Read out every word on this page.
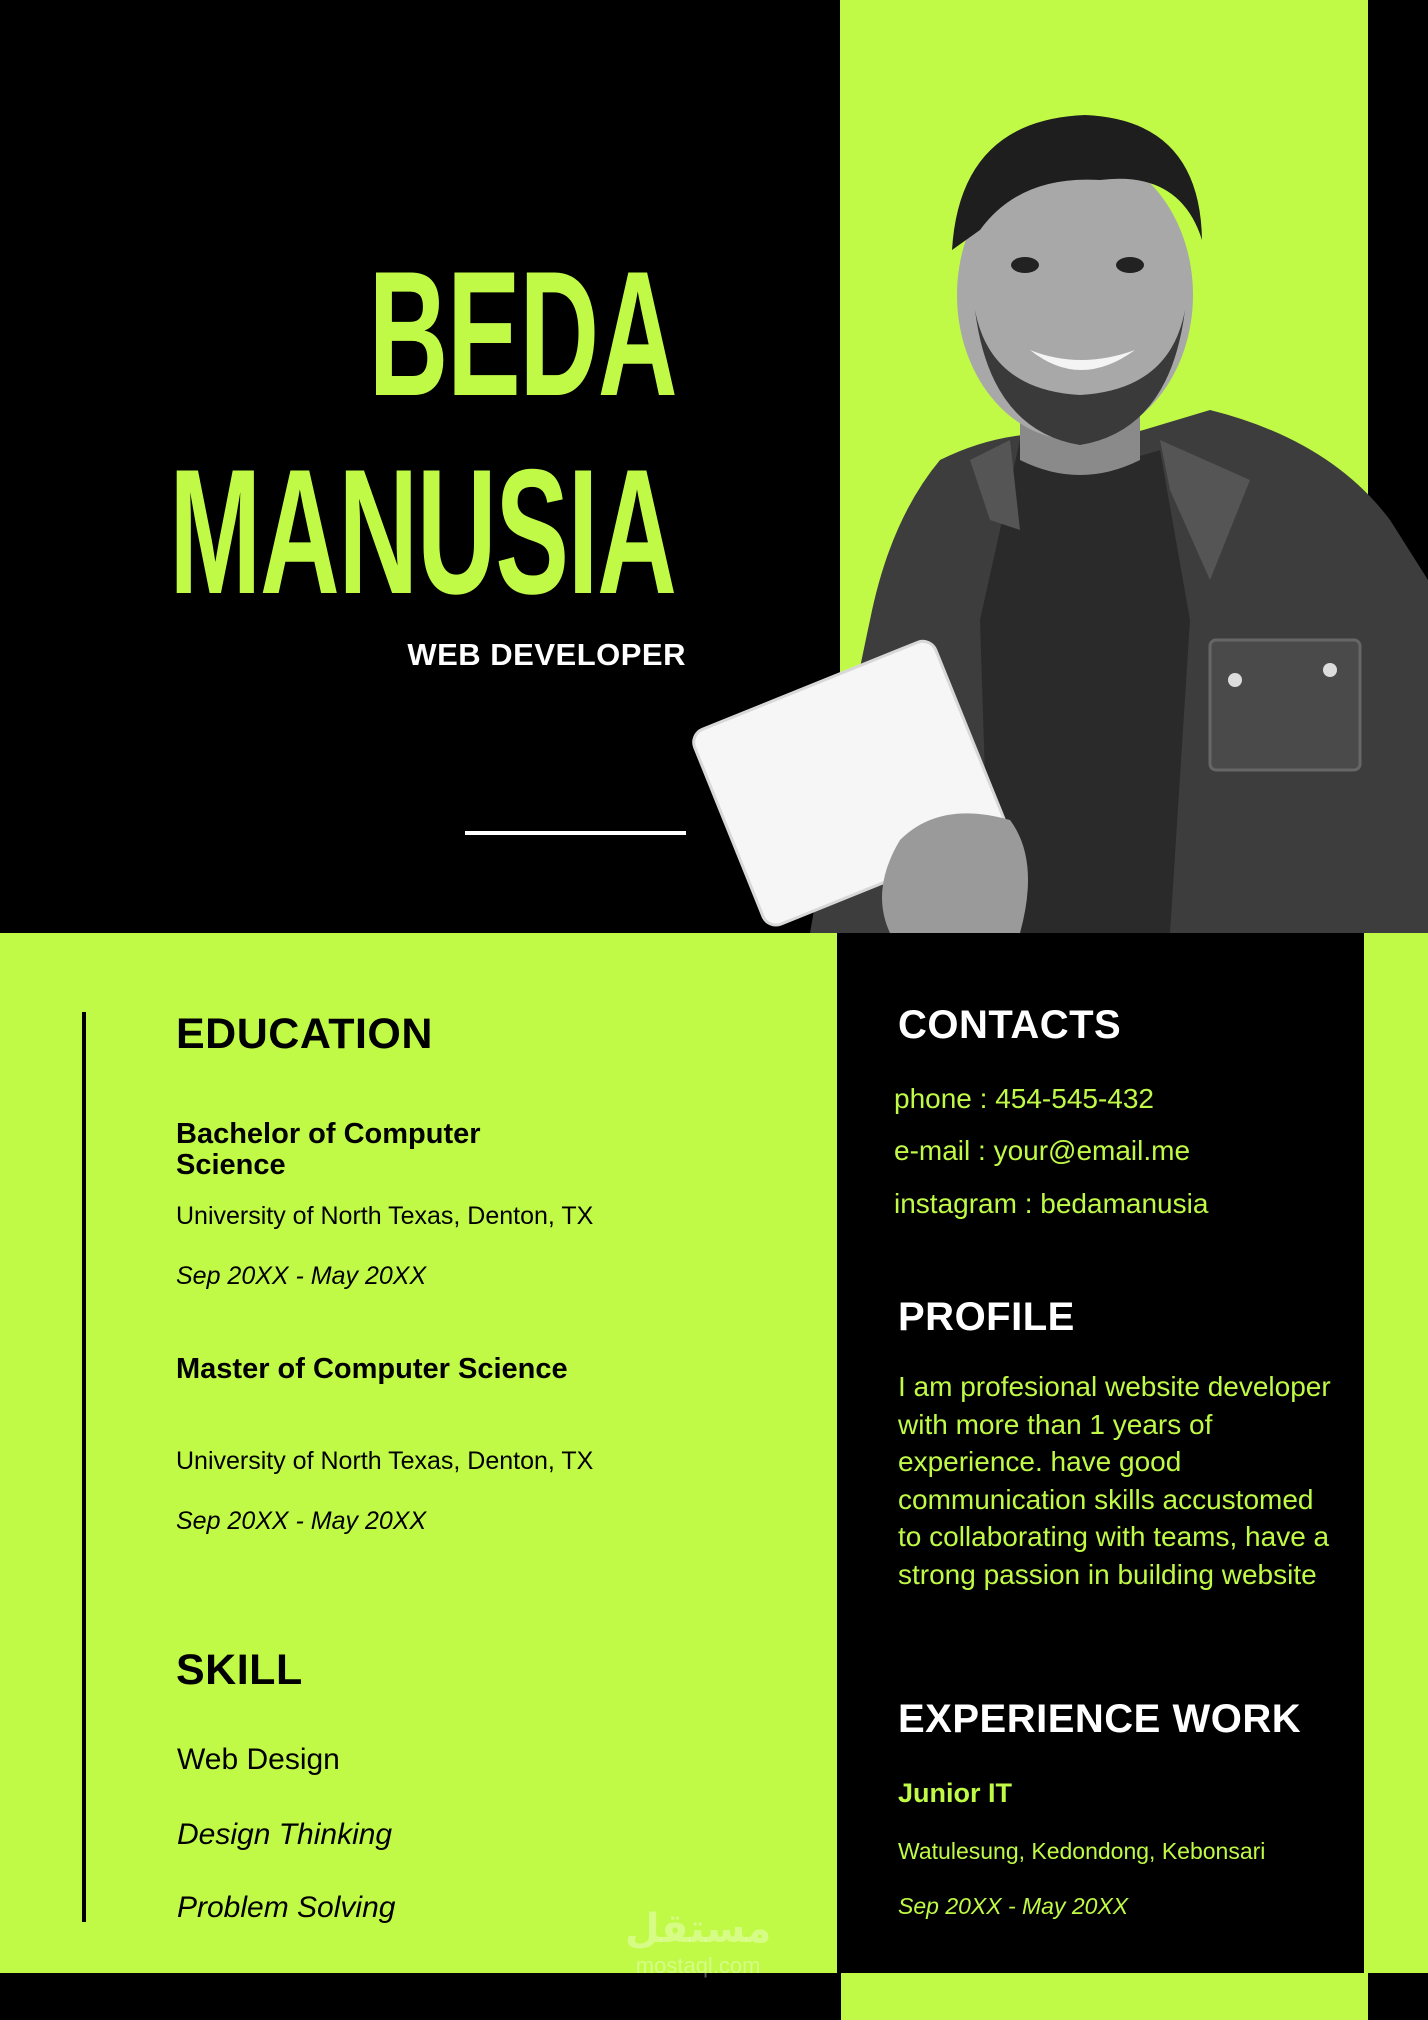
BEDA
MANUSIA
WEB DEVELOPER
EDUCATION
Bachelor of Computer Science
University of North Texas, Denton, TX
Sep 20XX - May 20XX
Master of Computer Science
University of North Texas, Denton, TX
Sep 20XX - May 20XX
SKILL
Web Design
Design Thinking
Problem Solving
CONTACTS
phone : 454-545-432
e-mail : your@email.me
instagram : bedamanusia
PROFILE
I am profesional website developer with more than 1 years of experience. have good communication skills accustomed to collaborating with teams, have a strong passion in building website
EXPERIENCE WORK
Junior IT
Watulesung, Kedondong, Kebonsari
Sep 20XX - May 20XX
مستقل
mostaql.com
